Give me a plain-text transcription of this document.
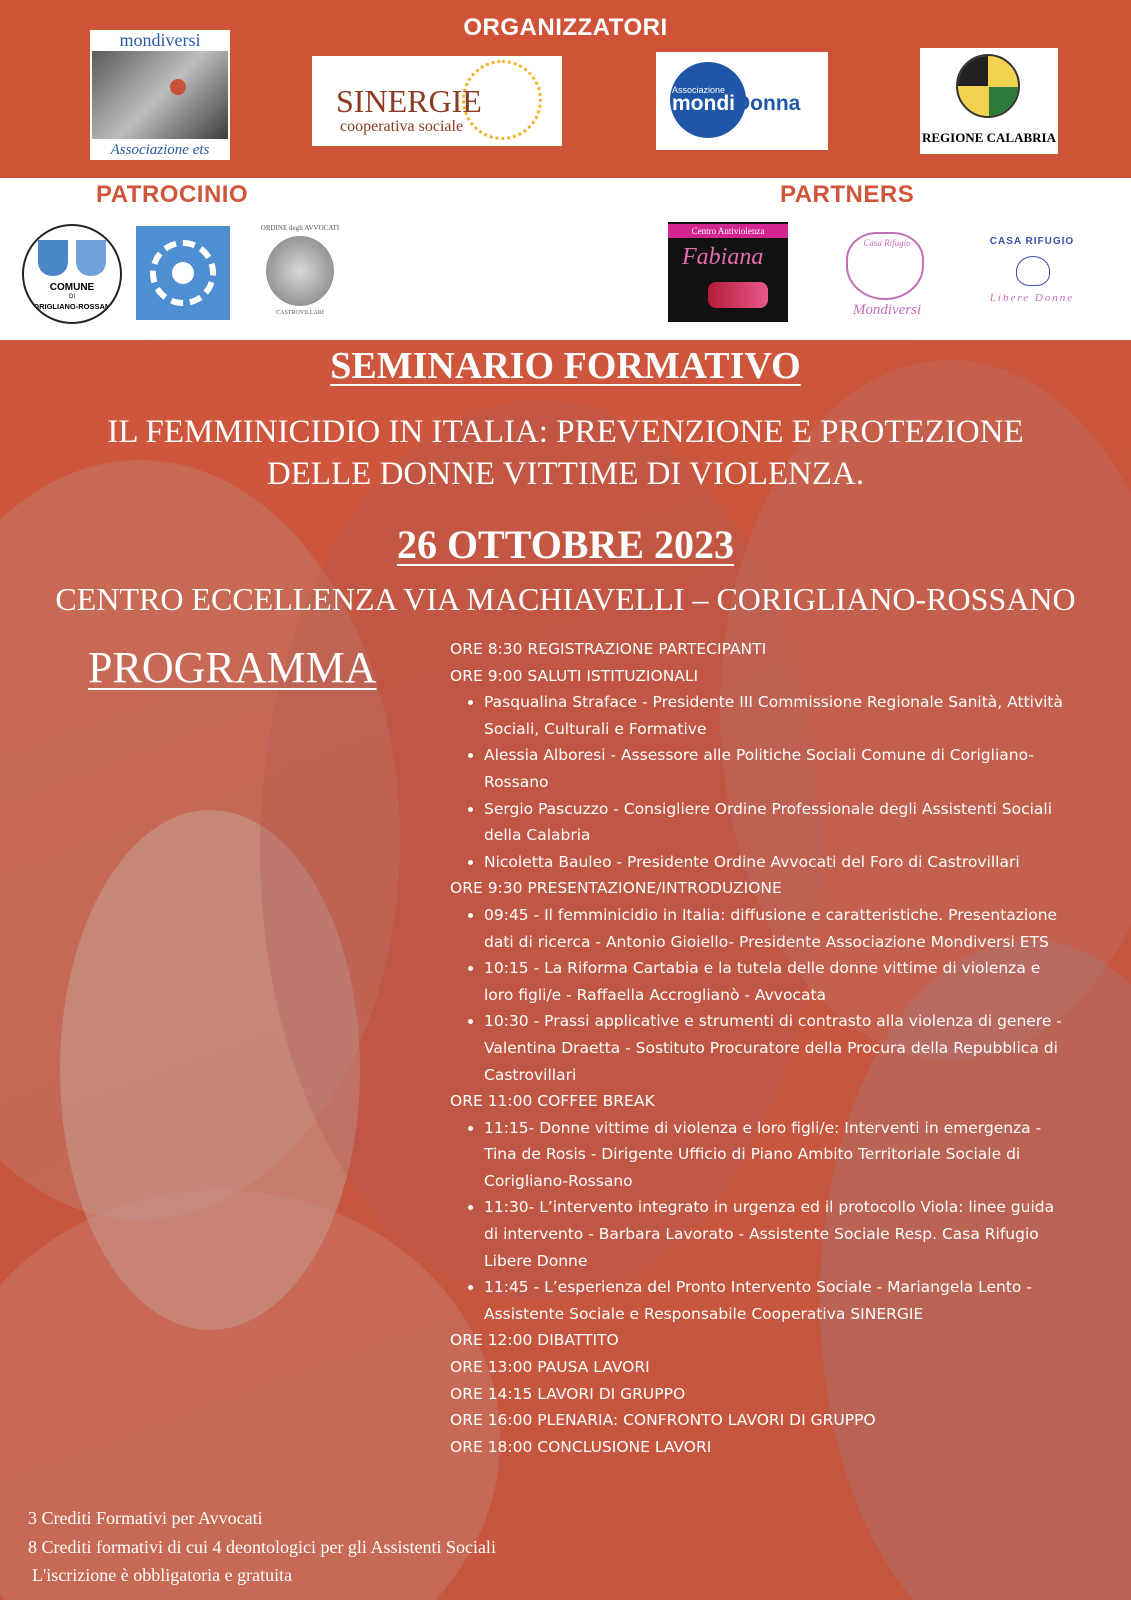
ORGANIZZATORI
PATROCINIO	PARTNERS
mondiversi
Associazione ets
SINERGIE
cooperativa sociale
Associazione
mondiDonna
REGIONE CALABRIA
COMUNE
DI
CORIGLIANO-ROSSANO
ORDINE degli AVVOCATI
CASTROVILLARI
Centro Antiviolenza
Fabiana
Casa Rifugio
Mondiversi
CASA RIFUGIO
Libere Donne
SEMINARIO FORMATIVO
IL FEMMINICIDIO IN ITALIA: PREVENZIONE E PROTEZIONE
DELLE DONNE VITTIME DI VIOLENZA.
26 OTTOBRE 2023
CENTRO ECCELLENZA VIA MACHIAVELLI – CORIGLIANO-ROSSANO
PROGRAMMA	ORE 8:30 REGISTRAZIONE PARTECIPANTI
ORE 9:00 SALUTI ISTITUZIONALI
• Pasqualina Straface - Presidente III Commissione Regionale Sanità, Attività Sociali, Culturali e Formative
• Alessia Alboresi - Assessore alle Politiche Sociali Comune di Corigliano-Rossano
• Sergio Pascuzzo - Consigliere Ordine Professionale degli Assistenti Sociali della Calabria
• Nicoletta Bauleo - Presidente Ordine Avvocati del Foro di Castrovillari
ORE 9:30 PRESENTAZIONE/INTRODUZIONE
• 09:45 - Il femminicidio in Italia: diffusione e caratteristiche. Presentazione dati di ricerca - Antonio Gioiello- Presidente Associazione Mondiversi ETS
• 10:15 - La Riforma Cartabia e la tutela delle donne vittime di violenza e loro figli/e - Raffaella Accroglianò - Avvocata
• 10:30 - Prassi applicative e strumenti di contrasto alla violenza di genere - Valentina Draetta - Sostituto Procuratore della Procura della Repubblica di Castrovillari
ORE 11:00 COFFEE BREAK
• 11:15- Donne vittime di violenza e loro figli/e: Interventi in emergenza - Tina de Rosis - Dirigente Ufficio di Piano Ambito Territoriale Sociale di Corigliano-Rossano
• 11:30- L’intervento integrato in urgenza ed il protocollo Viola: linee guida di intervento - Barbara Lavorato - Assistente Sociale Resp. Casa Rifugio Libere Donne
• 11:45 - L’esperienza del Pronto Intervento Sociale - Mariangela Lento - Assistente Sociale e Responsabile Cooperativa SINERGIE
ORE 12:00 DIBATTITO
ORE 13:00 PAUSA LAVORI
ORE 14:15 LAVORI DI GRUPPO
ORE 16:00 PLENARIA: CONFRONTO LAVORI DI GRUPPO
ORE 18:00 CONCLUSIONE LAVORI
3 Crediti Formativi per Avvocati
8 Crediti formativi di cui 4 deontologici per gli Assistenti Sociali
L'iscrizione è obbligatoria e gratuita
